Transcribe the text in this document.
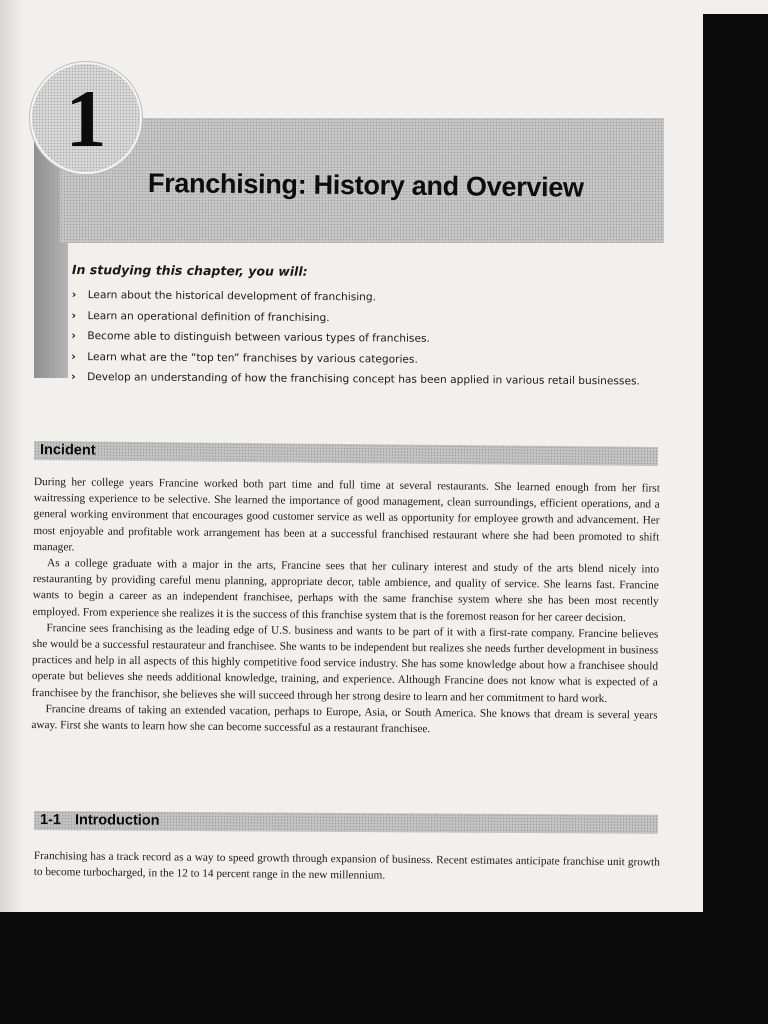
1
Franchising: History and Overview
In studying this chapter, you will:
›	Learn about the historical development of franchising.
›	Learn an operational definition of franchising.
›	Become able to distinguish between various types of franchises.
›	Learn what are the “top ten” franchises by various categories.
›	Develop an understanding of how the franchising concept has been applied in various retail businesses.
Incident

During her college years Francine worked both part time and full time at several restaurants. She learned enough from her first waitressing experience to be selective. She learned the importance of good management, clean surroundings, efficient operations, and a general working environment that encourages good customer service as well as opportunity for employee growth and advancement. Her most enjoyable and profitable work arrangement has been at a successful franchised restaurant where she had been promoted to shift manager.

As a college graduate with a major in the arts, Francine sees that her culinary interest and study of the arts blend nicely into restauranting by providing careful menu planning, appropriate decor, table ambience, and quality of service. She learns fast. Francine wants to begin a career as an independent franchisee, perhaps with the same franchise system where she has been most recently employed. From experience she realizes it is the success of this franchise system that is the foremost reason for her career decision.

Francine sees franchising as the leading edge of U.S. business and wants to be part of it with a first-rate company. Francine believes she would be a successful restaurateur and franchisee. She wants to be independent but realizes she needs further development in business practices and help in all aspects of this highly competitive food service industry. She has some knowledge about how a franchisee should operate but believes she needs additional knowledge, training, and experience. Although Francine does not know what is expected of a franchisee by the franchisor, she believes she will succeed through her strong desire to learn and her commitment to hard work.

Francine dreams of taking an extended vacation, perhaps to Europe, Asia, or South America. She knows that dream is several years away. First she wants to learn how she can become successful as a restaurant franchisee.

1-1 Introduction

Franchising has a track record as a way to speed growth through expansion of business. Recent estimates anticipate franchise unit growth to become turbocharged, in the 12 to 14 percent range in the new millennium.
